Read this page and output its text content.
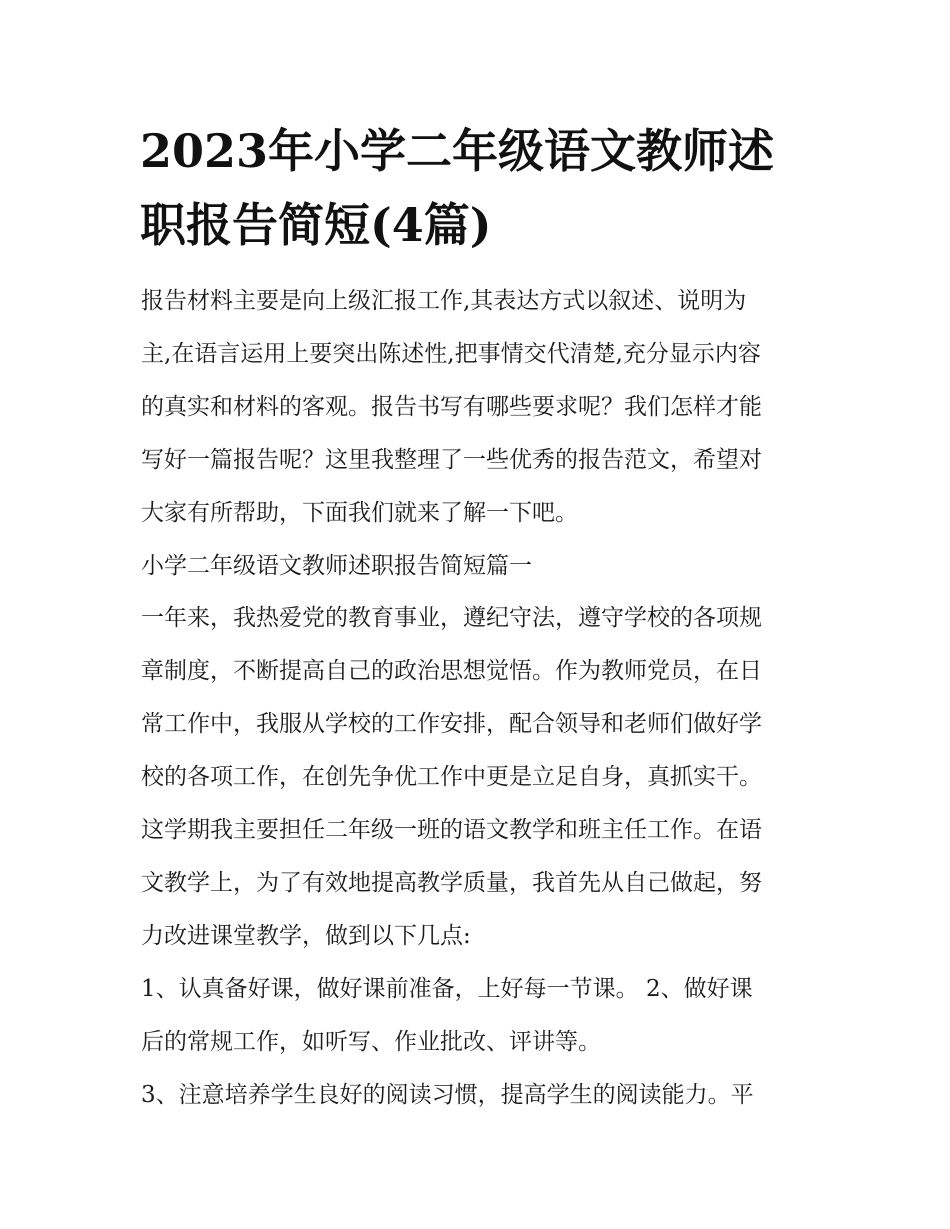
2023年小学二年级语文教师述
职报告简短(4篇)
报告材料主要是向上级汇报工作,其表达方式以叙述、说明为
主,在语言运用上要突出陈述性,把事情交代清楚,充分显示内容
的真实和材料的客观。报告书写有哪些要求呢？我们怎样才能
写好一篇报告呢？这里我整理了一些优秀的报告范文，希望对
大家有所帮助，下面我们就来了解一下吧。
小学二年级语文教师述职报告简短篇一
一年来，我热爱党的教育事业，遵纪守法，遵守学校的各项规
章制度，不断提高自己的政治思想觉悟。作为教师党员，在日
常工作中，我服从学校的工作安排，配合领导和老师们做好学
校的各项工作，在创先争优工作中更是立足自身，真抓实干。
这学期我主要担任二年级一班的语文教学和班主任工作。在语
文教学上，为了有效地提高教学质量，我首先从自己做起，努
力改进课堂教学，做到以下几点:
1、认真备好课，做好课前准备，上好每一节课。 2、做好课
后的常规工作，如听写、作业批改、评讲等。
3、注意培养学生良好的阅读习惯，提高学生的阅读能力。平
